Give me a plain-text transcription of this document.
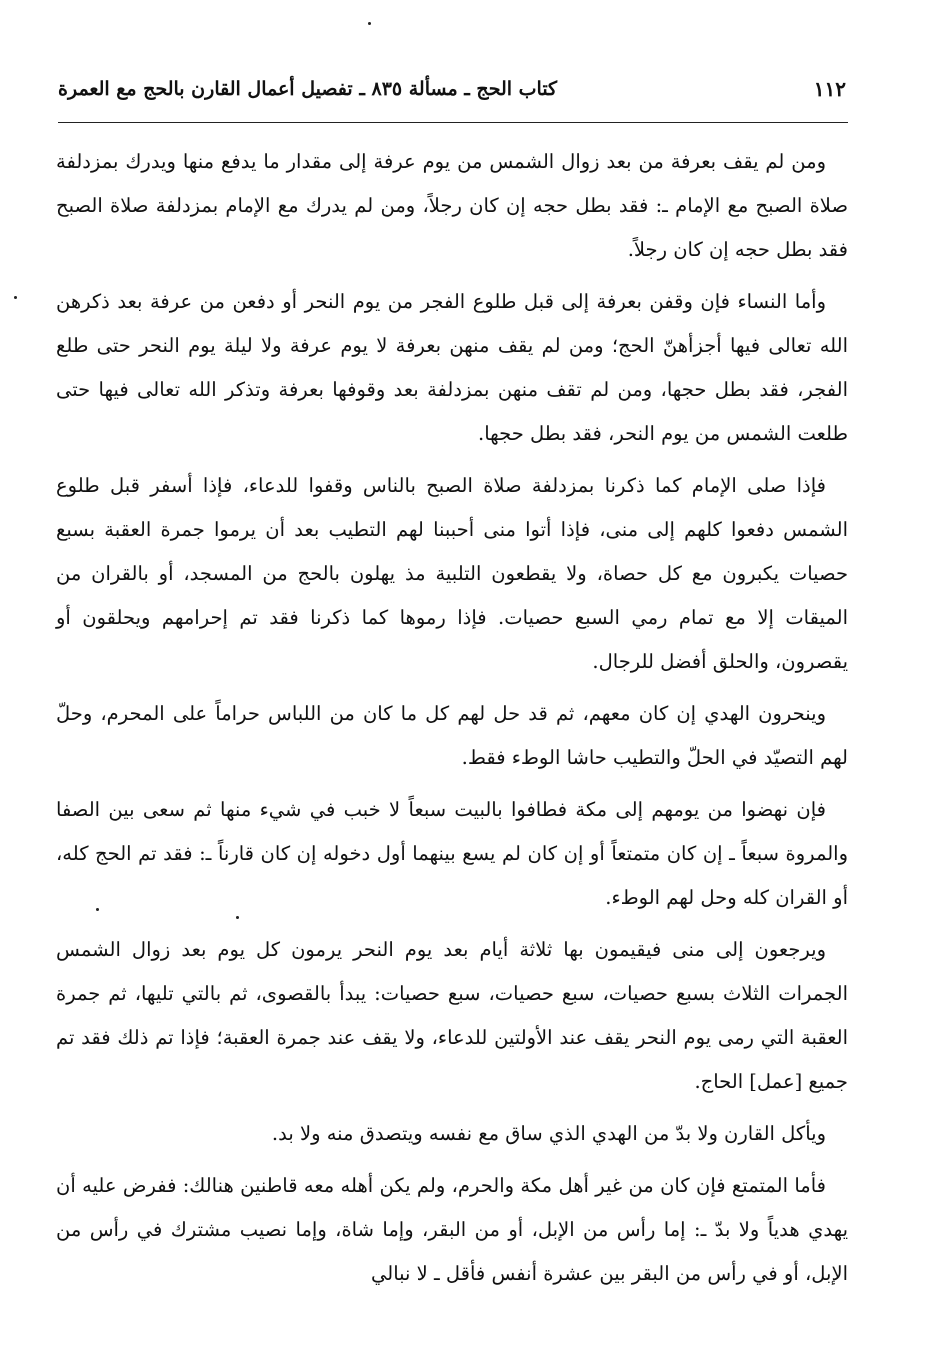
١١٢
كتاب الحج ـ مسألة ٨٣٥ ـ تفصيل أعمال القارن بالحج مع العمرة

ومن لم يقف بعرفة من بعد زوال الشمس من يوم عرفة إلى مقدار ما يدفع منها ويدرك بمزدلفة صلاة الصبح مع الإمام ـ: فقد بطل حجه إن كان رجلاً، ومن لم يدرك مع الإمام بمزدلفة صلاة الصبح فقد بطل حجه إن كان رجلاً.

وأما النساء فإن وقفن بعرفة إلى قبل طلوع الفجر من يوم النحر أو دفعن من عرفة بعد ذكرهن الله تعالى فيها أجزأهنّ الحج؛ ومن لم يقف منهن بعرفة لا يوم عرفة ولا ليلة يوم النحر حتى طلع الفجر، فقد بطل حجها، ومن لم تقف منهن بمزدلفة بعد وقوفها بعرفة وتذكر الله تعالى فيها حتى طلعت الشمس من يوم النحر، فقد بطل حجها.

فإذا صلى الإمام كما ذكرنا بمزدلفة صلاة الصبح بالناس وقفوا للدعاء، فإذا أسفر قبل طلوع الشمس دفعوا كلهم إلى منى، فإذا أتوا منى أحببنا لهم التطيب بعد أن يرموا جمرة العقبة بسبع حصيات يكبرون مع كل حصاة، ولا يقطعون التلبية مذ يهلون بالحج من المسجد، أو بالقران من الميقات إلا مع تمام رمي السبع حصيات. فإذا رموها كما ذكرنا فقد تم إحرامهم ويحلقون أو يقصرون، والحلق أفضل للرجال.

وينحرون الهدي إن كان معهم، ثم قد حل لهم كل ما كان من اللباس حراماً على المحرم، وحلّ لهم التصيّد في الحلّ والتطيب حاشا الوطء فقط.

فإن نهضوا من يومهم إلى مكة فطافوا بالبيت سبعاً لا خبب في شيء منها ثم سعى بين الصفا والمروة سبعاً ـ إن كان متمتعاً أو إن كان لم يسع بينهما أول دخوله إن كان قارناً ـ: فقد تم الحج كله، أو القران كله وحل لهم الوطء.

ويرجعون إلى منى فيقيمون بها ثلاثة أيام بعد يوم النحر يرمون كل يوم بعد زوال الشمس الجمرات الثلاث بسبع حصيات، سبع حصيات، سبع حصيات: يبدأ بالقصوى، ثم بالتي تليها، ثم جمرة العقبة التي رمى يوم النحر يقف عند الأولتين للدعاء، ولا يقف عند جمرة العقبة؛ فإذا تم ذلك فقد تم جميع [عمل] الحاج.

ويأكل القارن ولا بدّ من الهدي الذي ساق مع نفسه ويتصدق منه ولا بد.

فأما المتمتع فإن كان من غير أهل مكة والحرم، ولم يكن أهله معه قاطنين هنالك: ففرض عليه أن يهدي هدياً ولا بدّ ـ: إما رأس من الإبل، أو من البقر، وإما شاة، وإما نصيب مشترك في رأس من الإبل، أو في رأس من البقر بين عشرة أنفس فأقل ـ لا نبالي
